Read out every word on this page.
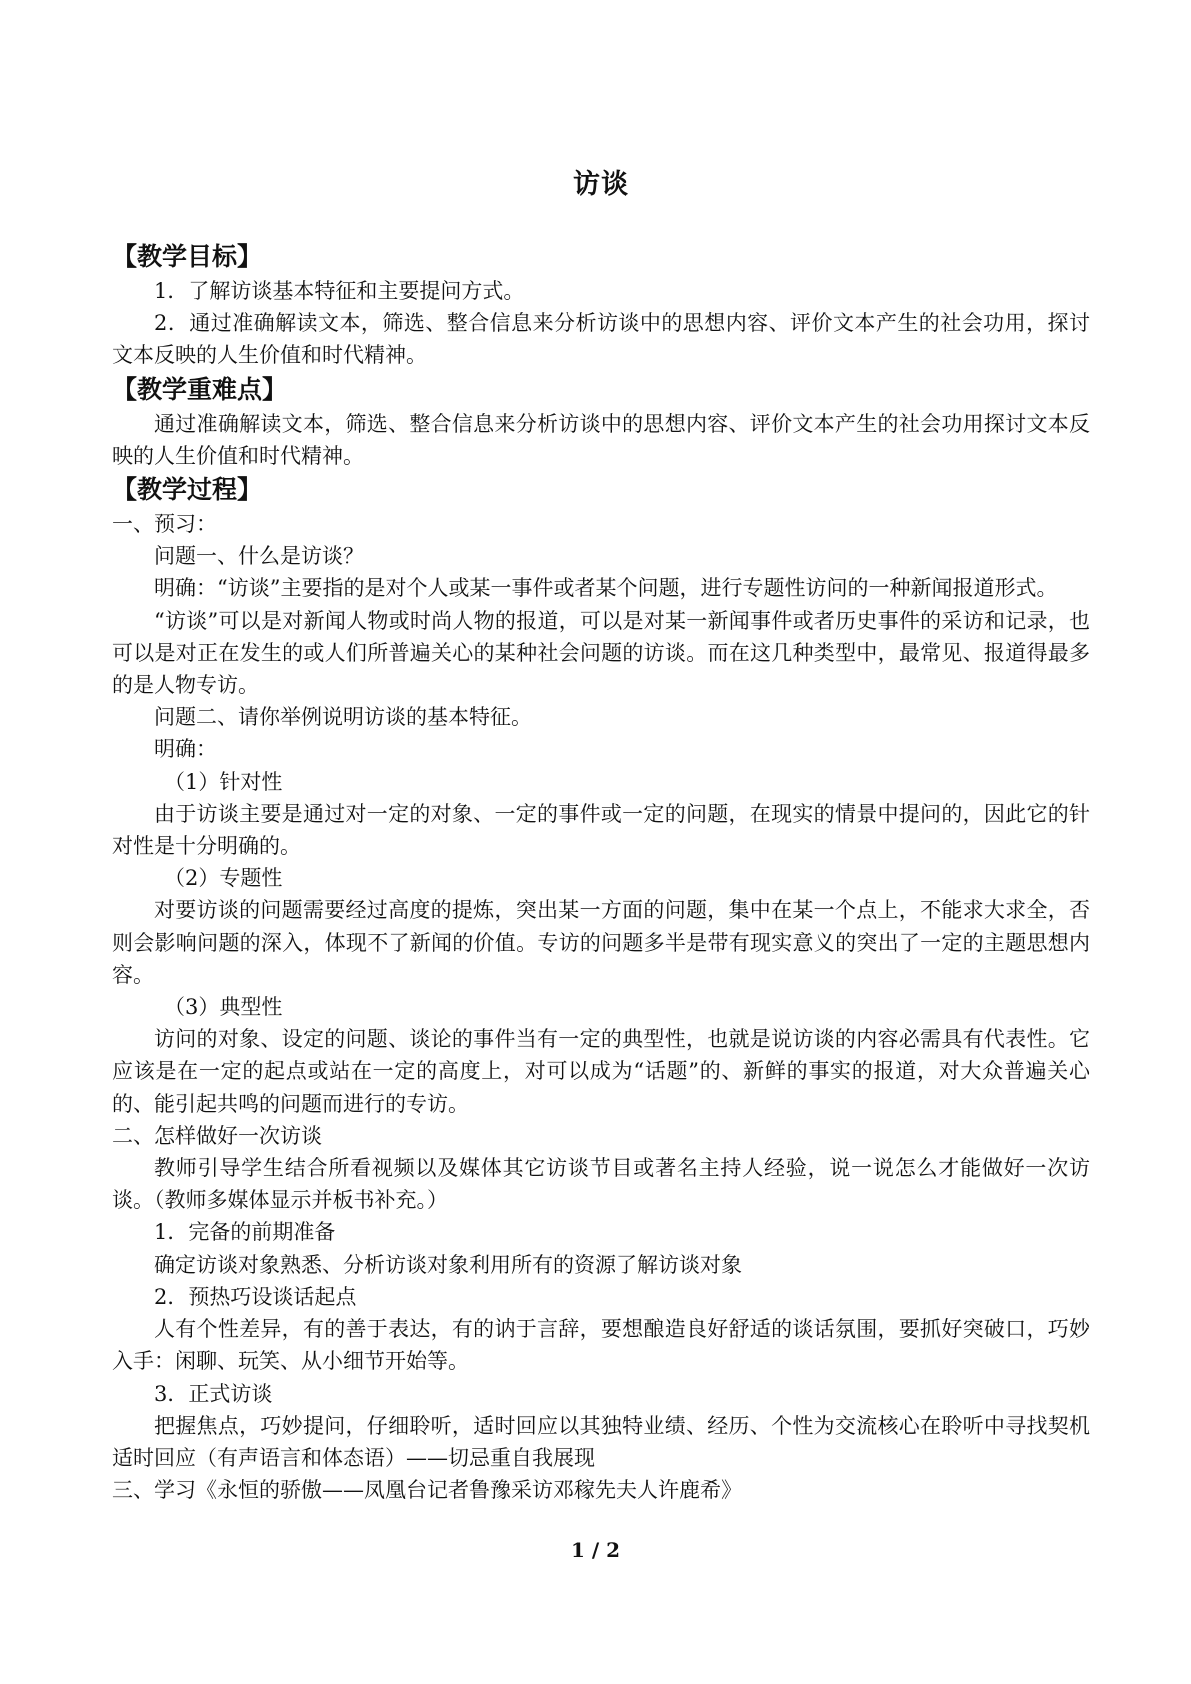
访谈

【教学目标】

1．了解访谈基本特征和主要提问方式。

2．通过准确解读文本，筛选、整合信息来分析访谈中的思想内容、评价文本产生的社会功用，探讨文本反映的人生价值和时代精神。

【教学重难点】

通过准确解读文本，筛选、整合信息来分析访谈中的思想内容、评价文本产生的社会功用探讨文本反映的人生价值和时代精神。

【教学过程】

一、预习：

问题一、什么是访谈？

明确：“访谈”主要指的是对个人或某一事件或者某个问题，进行专题性访问的一种新闻报道形式。

“访谈”可以是对新闻人物或时尚人物的报道，可以是对某一新闻事件或者历史事件的采访和记录，也可以是对正在发生的或人们所普遍关心的某种社会问题的访谈。而在这几种类型中，最常见、报道得最多的是人物专访。

问题二、请你举例说明访谈的基本特征。

明确：

（1）针对性

由于访谈主要是通过对一定的对象、一定的事件或一定的问题，在现实的情景中提问的，因此它的针对性是十分明确的。

（2）专题性

对要访谈的问题需要经过高度的提炼，突出某一方面的问题，集中在某一个点上，不能求大求全，否则会影响问题的深入，体现不了新闻的价值。专访的问题多半是带有现实意义的突出了一定的主题思想内容。

（3）典型性

访问的对象、设定的问题、谈论的事件当有一定的典型性，也就是说访谈的内容必需具有代表性。它应该是在一定的起点或站在一定的高度上，对可以成为“话题”的、新鲜的事实的报道，对大众普遍关心的、能引起共鸣的问题而进行的专访。

二、怎样做好一次访谈

教师引导学生结合所看视频以及媒体其它访谈节目或著名主持人经验，说一说怎么才能做好一次访谈。（教师多媒体显示并板书补充。）

1．完备的前期准备

确定访谈对象熟悉、分析访谈对象利用所有的资源了解访谈对象

2．预热巧设谈话起点

人有个性差异，有的善于表达，有的讷于言辞，要想酿造良好舒适的谈话氛围，要抓好突破口，巧妙入手：闲聊、玩笑、从小细节开始等。

3．正式访谈

把握焦点，巧妙提问，仔细聆听，适时回应以其独特业绩、经历、个性为交流核心在聆听中寻找契机适时回应（有声语言和体态语）——切忌重自我展现

三、学习《永恒的骄傲——凤凰台记者鲁豫采访邓稼先夫人许鹿希》

1 / 2
